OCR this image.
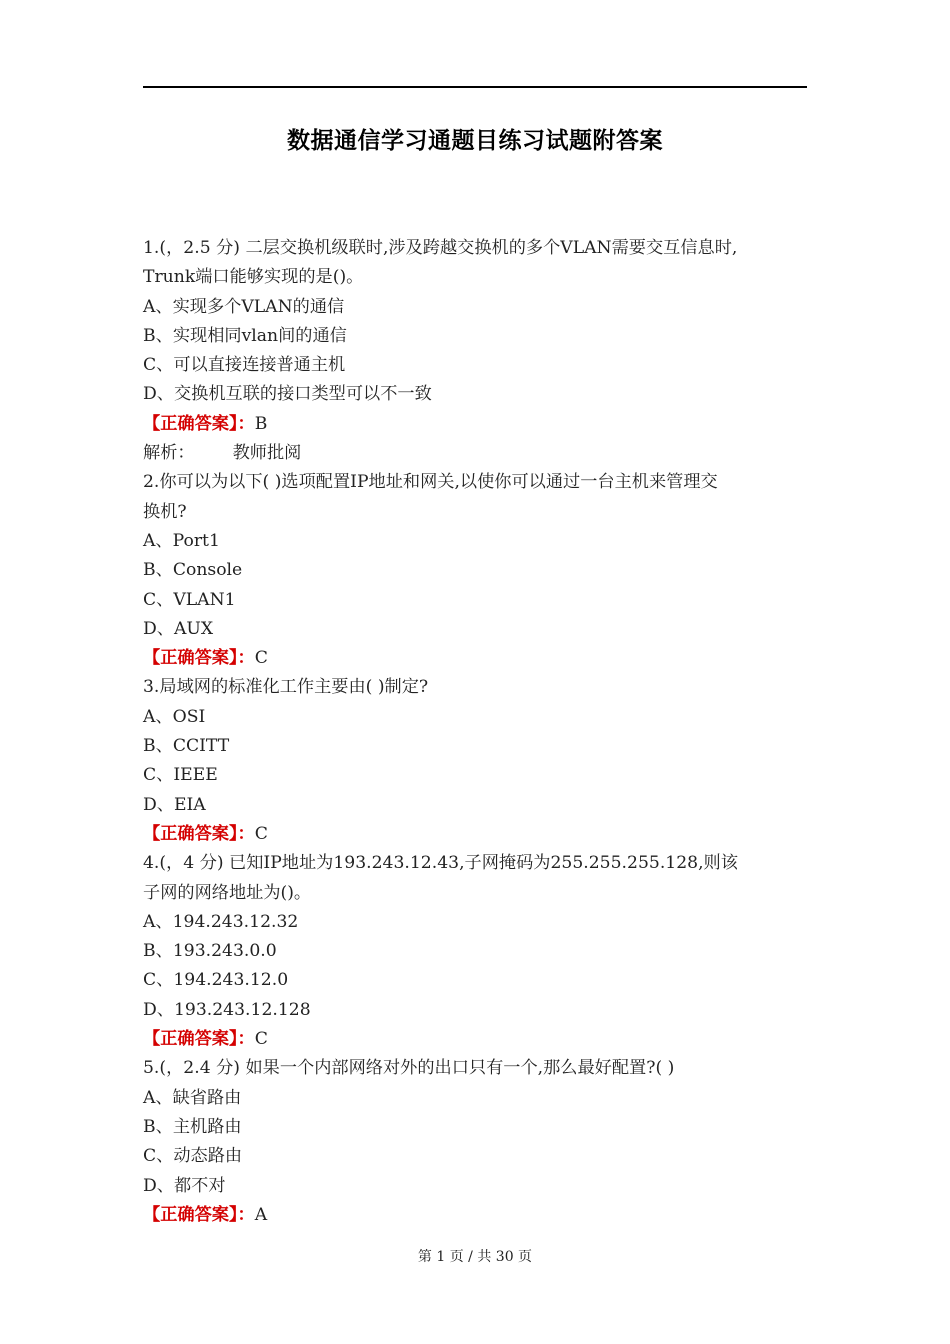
数据通信学习通题目练习试题附答案
1.(，2.5 分) 二层交换机级联时,涉及跨越交换机的多个VLAN需要交互信息时,
Trunk端口能够实现的是()。
A、实现多个VLAN的通信
B、实现相同vlan间的通信
C、可以直接连接普通主机
D、交换机互联的接口类型可以不一致
【正确答案】：B
解析： 教师批阅
2.你可以为以下( )选项配置IP地址和网关,以使你可以通过一台主机来管理交
换机?
A、Port1
B、Console
C、VLAN1
D、AUX
【正确答案】：C
3.局域网的标准化工作主要由( )制定?
A、OSI
B、CCITT
C、IEEE
D、EIA
【正确答案】：C
4.(，4 分) 已知IP地址为193.243.12.43,子网掩码为255.255.255.128,则该
子网的网络地址为()。
A、194.243.12.32
B、193.243.0.0
C、194.243.12.0
D、193.243.12.128
【正确答案】：C
5.(，2.4 分) 如果一个内部网络对外的出口只有一个,那么最好配置?( )
A、缺省路由
B、主机路由
C、动态路由
D、都不对
【正确答案】：A
第 1 页 / 共 30 页
